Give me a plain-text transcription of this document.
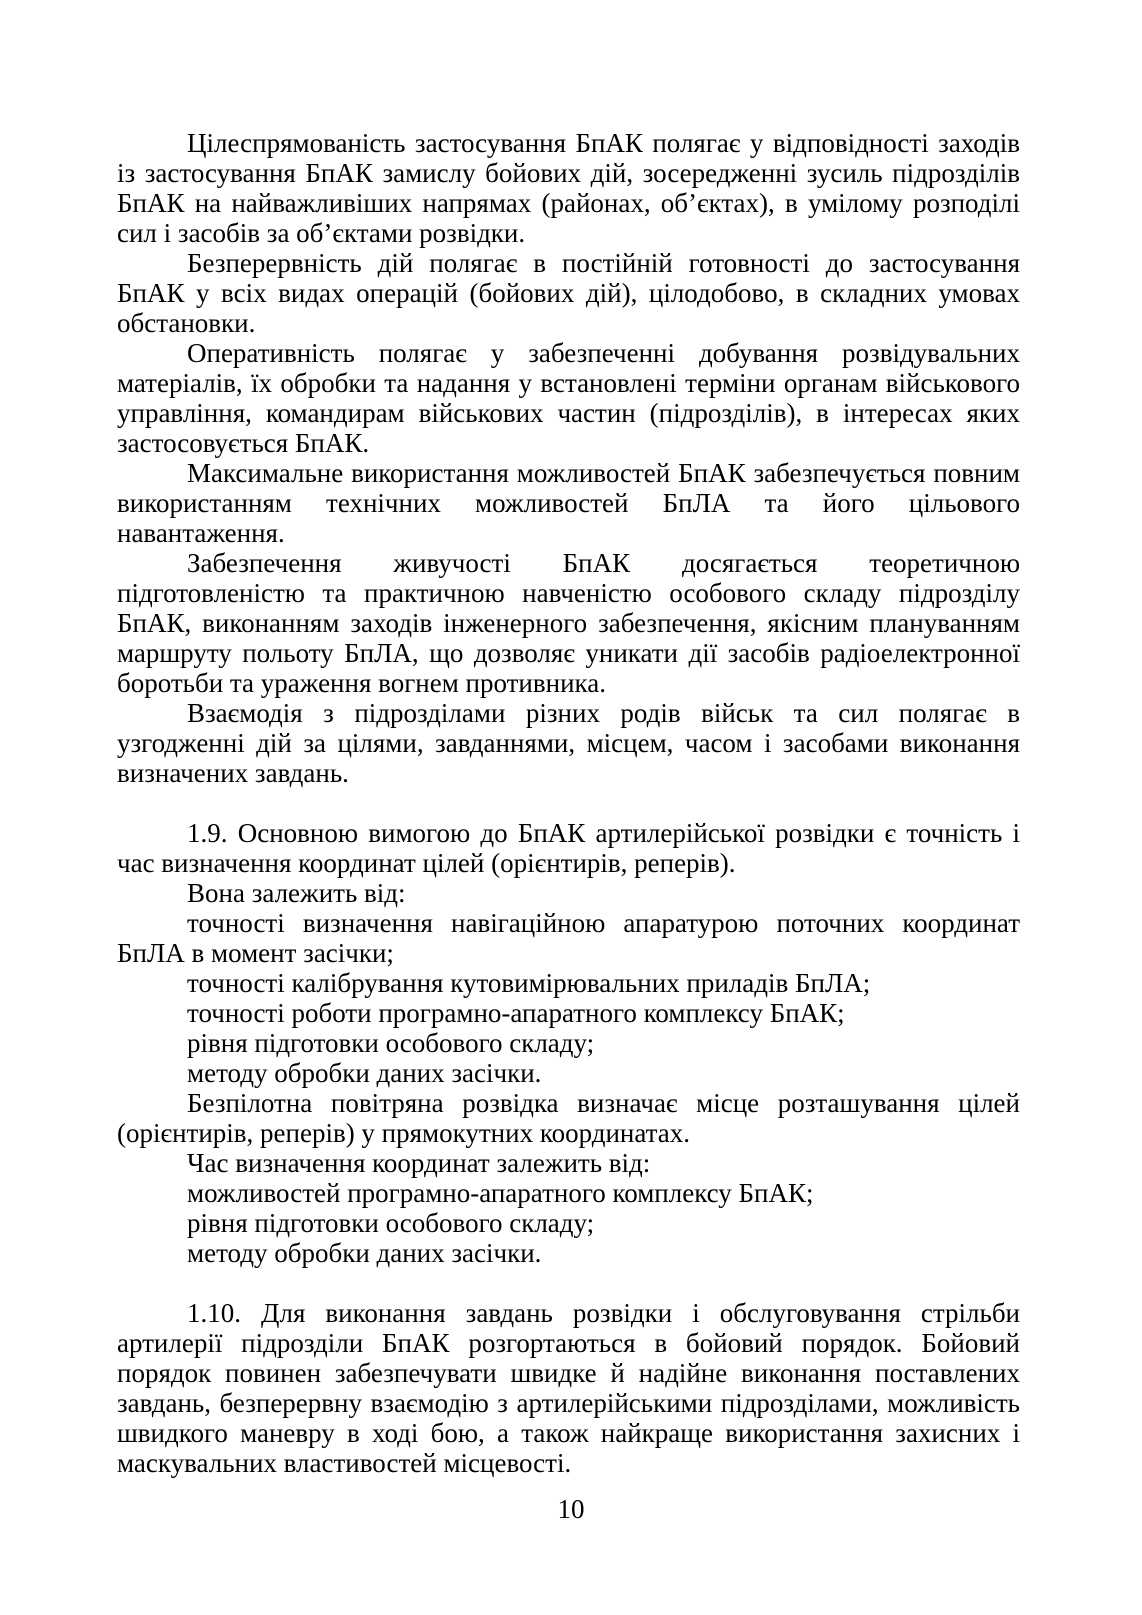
Цілеспрямованість застосування БпАК полягає у відповідності заходів із застосування БпАК замислу бойових дій, зосередженні зусиль підрозділів БпАК на найважливіших напрямах (районах, об’єктах), в умілому розподілі сил і засобів за об’єктами розвідки.

Безперервність дій полягає в постійній готовності до застосування БпАК у всіх видах операцій (бойових дій), цілодобово, в складних умовах обстановки.

Оперативність полягає у забезпеченні добування розвідувальних матеріалів, їх обробки та надання у встановлені терміни органам військового управління, командирам військових частин (підрозділів), в інтересах яких застосовується БпАК.

Максимальне використання можливостей БпАК забезпечується повним використанням технічних можливостей БпЛА та його цільового навантаження.

Забезпечення живучості БпАК досягається теоретичною підготовленістю та практичною навченістю особового складу підрозділу БпАК, виконанням заходів інженерного забезпечення, якісним плануванням маршруту польоту БпЛА, що дозволяє уникати дії засобів радіоелектронної боротьби та ураження вогнем противника.

Взаємодія з підрозділами різних родів військ та сил полягає в узгодженні дій за цілями, завданнями, місцем, часом і засобами виконання визначених завдань.

1.9. Основною вимогою до БпАК артилерійської розвідки є точність і час визначення координат цілей (орієнтирів, реперів).

Вона залежить від:

точності визначення навігаційною апаратурою поточних координат БпЛА в момент засічки;

точності калібрування кутовимірювальних приладів БпЛА;

точності роботи програмно-апаратного комплексу БпАК;

рівня підготовки особового складу;

методу обробки даних засічки.

Безпілотна повітряна розвідка визначає місце розташування цілей (орієнтирів, реперів) у прямокутних координатах.

Час визначення координат залежить від:

можливостей програмно-апаратного комплексу БпАК;

рівня підготовки особового складу;

методу обробки даних засічки.

1.10. Для виконання завдань розвідки і обслуговування стрільби артилерії підрозділи БпАК розгортаються в бойовий порядок. Бойовий порядок повинен забезпечувати швидке й надійне виконання поставлених завдань, безперервну взаємодію з артилерійськими підрозділами, можливість швидкого маневру в ході бою, а також найкраще використання захисних і маскувальних властивостей місцевості.

10
